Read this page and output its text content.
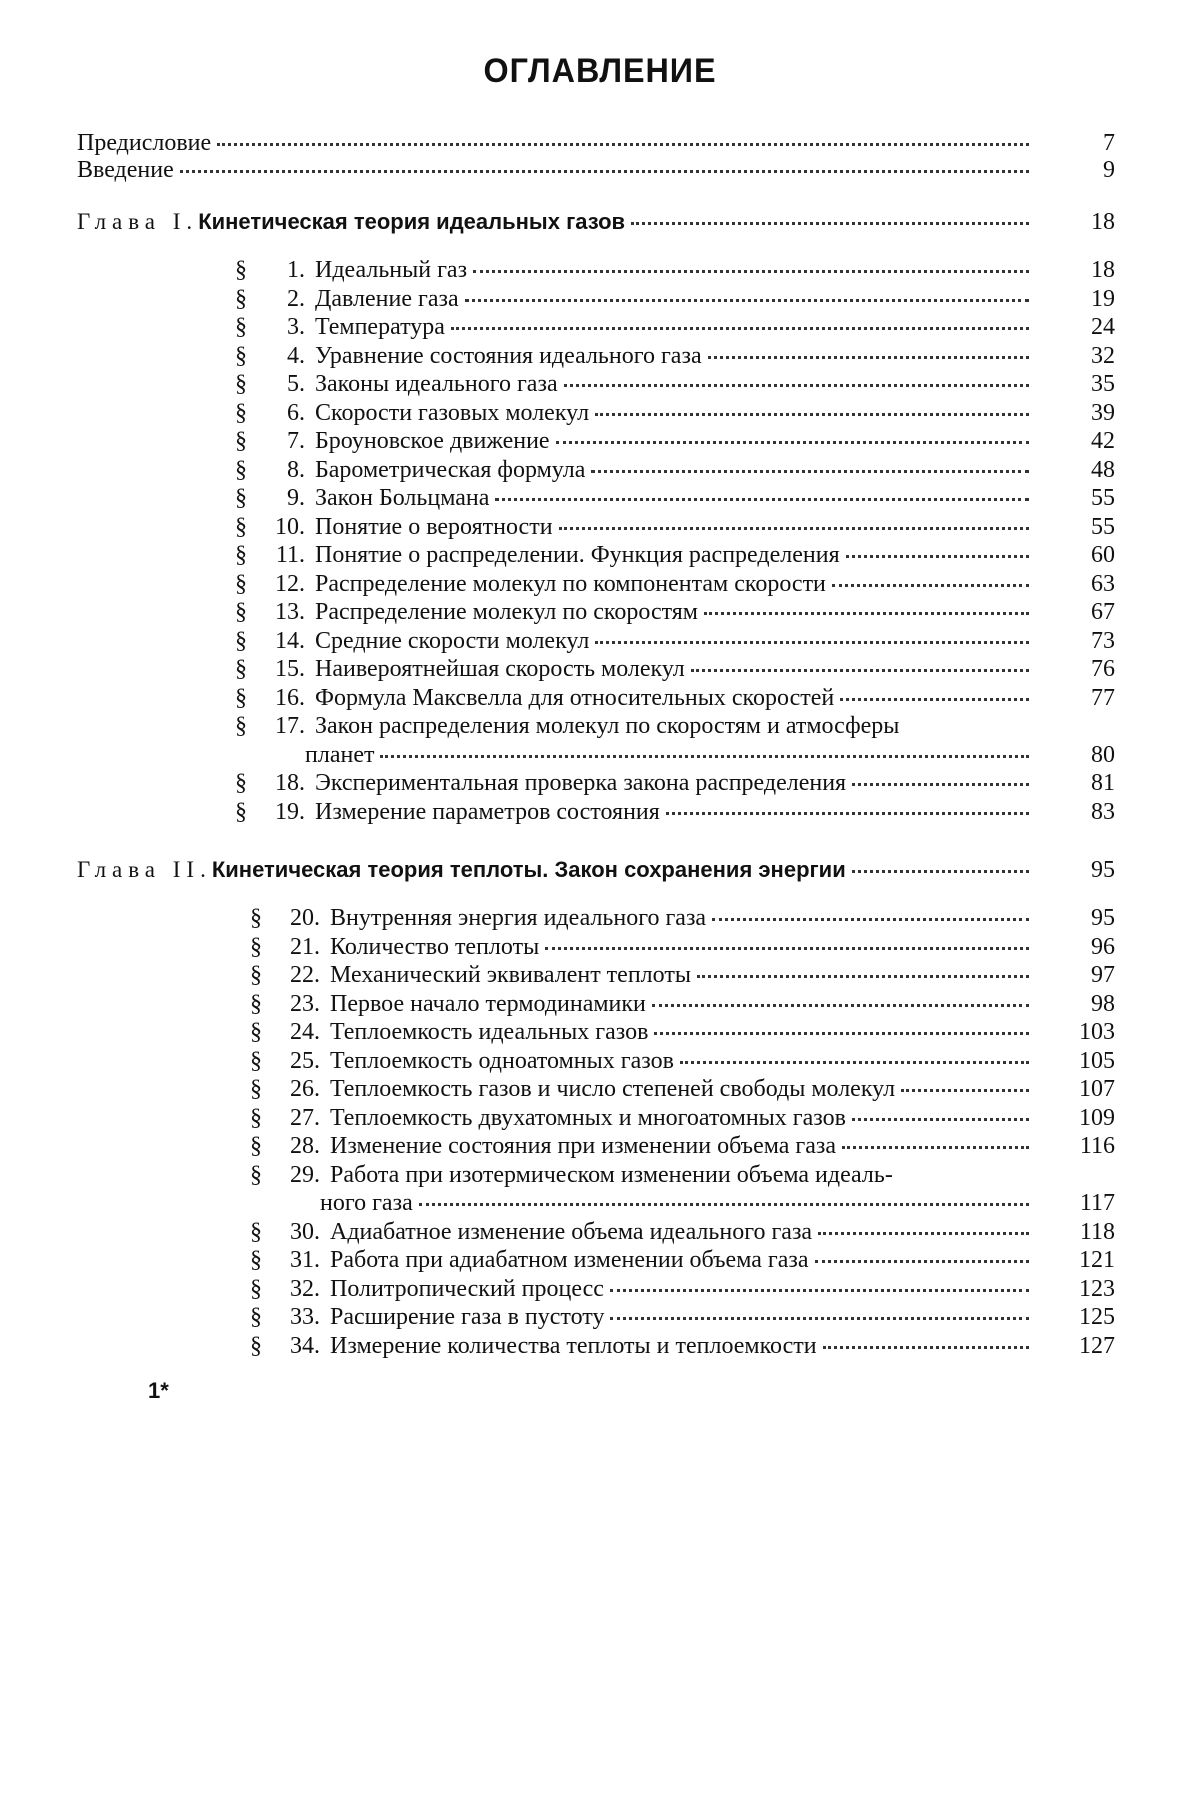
ОГЛАВЛЕНИЕ
Предисловие	7
Введение	9
Глава I. Кинетическая теория идеальных газов	18
§	1. Идеальный газ	18
§	2. Давление газа	19
§	3. Температура	24
§	4. Уравнение состояния идеального газа	32
§	5. Законы идеального газа	35
§	6. Скорости газовых молекул	39
§	7. Броуновское движение	42
§	8. Барометрическая формула	48
§	9. Закон Больцмана	55
§	10. Понятие о вероятности	55
§	11. Понятие о распределении. Функция распределения	60
§	12. Распределение молекул по компонентам скорости	63
§	13. Распределение молекул по скоростям	67
§	14. Средние скорости молекул	73
§	15. Наивероятнейшая скорость молекул	76
§	16. Формула Максвелла для относительных скоростей	77
§	17. Закон распределения молекул по скоростям и атмосферы
планет	80
§	18. Экспериментальная проверка закона распределения	81
§	19. Измерение параметров состояния	83
Глава II. Кинетическая теория теплоты. Закон сохранения энергии	95
§	20. Внутренняя энергия идеального газа	95
§	21. Количество теплоты	96
§	22. Механический эквивалент теплоты	97
§	23. Первое начало термодинамики	98
§	24. Теплоемкость идеальных газов	103
§	25. Теплоемкость одноатомных газов	105
§	26. Теплоемкость газов и число степеней свободы молекул	107
§	27. Теплоемкость двухатомных и многоатомных газов	109
§	28. Изменение состояния при изменении объема газа	116
§	29. Работа при изотермическом изменении объема идеаль-
ного газа	117
§	30. Адиабатное изменение объема идеального газа	118
§	31. Работа при адиабатном изменении объема газа	121
§	32. Политропический процесс	123
§	33. Расширение газа в пустоту	125
§	34. Измерение количества теплоты и теплоемкости	127
1*
